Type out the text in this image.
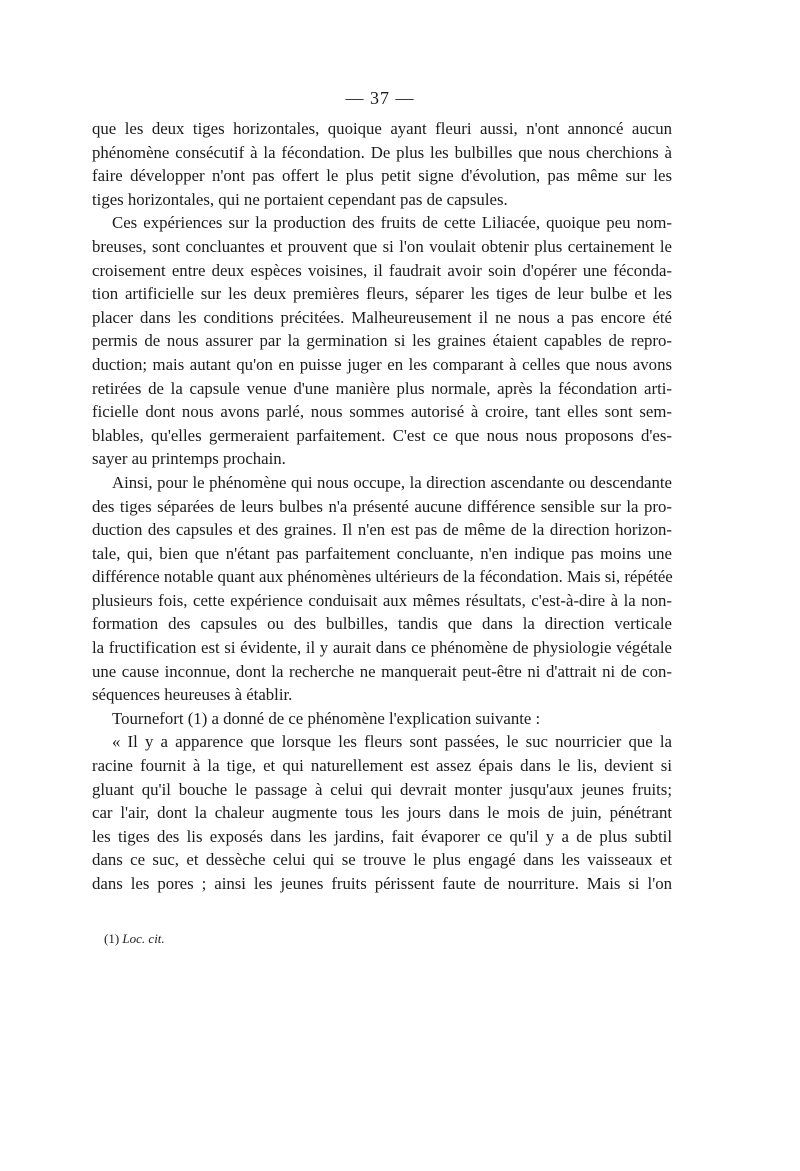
— 37 —
que les deux tiges horizontales, quoique ayant fleuri aussi, n'ont annoncé aucun
phénomène consécutif à la fécondation. De plus les bulbilles que nous cherchions à
faire développer n'ont pas offert le plus petit signe d'évolution, pas même sur les
tiges horizontales, qui ne portaient cependant pas de capsules.
Ces expériences sur la production des fruits de cette Liliacée, quoique peu nom-
breuses, sont concluantes et prouvent que si l'on voulait obtenir plus certainement le
croisement entre deux espèces voisines, il faudrait avoir soin d'opérer une féconda-
tion artificielle sur les deux premières fleurs, séparer les tiges de leur bulbe et les
placer dans les conditions précitées. Malheureusement il ne nous a pas encore été
permis de nous assurer par la germination si les graines étaient capables de repro-
duction; mais autant qu'on en puisse juger en les comparant à celles que nous avons
retirées de la capsule venue d'une manière plus normale, après la fécondation arti-
ficielle dont nous avons parlé, nous sommes autorisé à croire, tant elles sont sem-
blables, qu'elles germeraient parfaitement. C'est ce que nous nous proposons d'es-
sayer au printemps prochain.
Ainsi, pour le phénomène qui nous occupe, la direction ascendante ou descendante
des tiges séparées de leurs bulbes n'a présenté aucune différence sensible sur la pro-
duction des capsules et des graines. Il n'en est pas de même de la direction horizon-
tale, qui, bien que n'étant pas parfaitement concluante, n'en indique pas moins une
différence notable quant aux phénomènes ultérieurs de la fécondation. Mais si, répétée
plusieurs fois, cette expérience conduisait aux mêmes résultats, c'est-à-dire à la non-
formation des capsules ou des bulbilles, tandis que dans la direction verticale
la fructification est si évidente, il y aurait dans ce phénomène de physiologie végétale
une cause inconnue, dont la recherche ne manquerait peut-être ni d'attrait ni de con-
séquences heureuses à établir.
Tournefort (1) a donné de ce phénomène l'explication suivante :
« Il y a apparence que lorsque les fleurs sont passées, le suc nourricier que la
racine fournit à la tige, et qui naturellement est assez épais dans le lis, devient si
gluant qu'il bouche le passage à celui qui devrait monter jusqu'aux jeunes fruits;
car l'air, dont la chaleur augmente tous les jours dans le mois de juin, pénétrant
les tiges des lis exposés dans les jardins, fait évaporer ce qu'il y a de plus subtil
dans ce suc, et dessèche celui qui se trouve le plus engagé dans les vaisseaux et
dans les pores ; ainsi les jeunes fruits périssent faute de nourriture. Mais si l'on
(1) Loc. cit.
